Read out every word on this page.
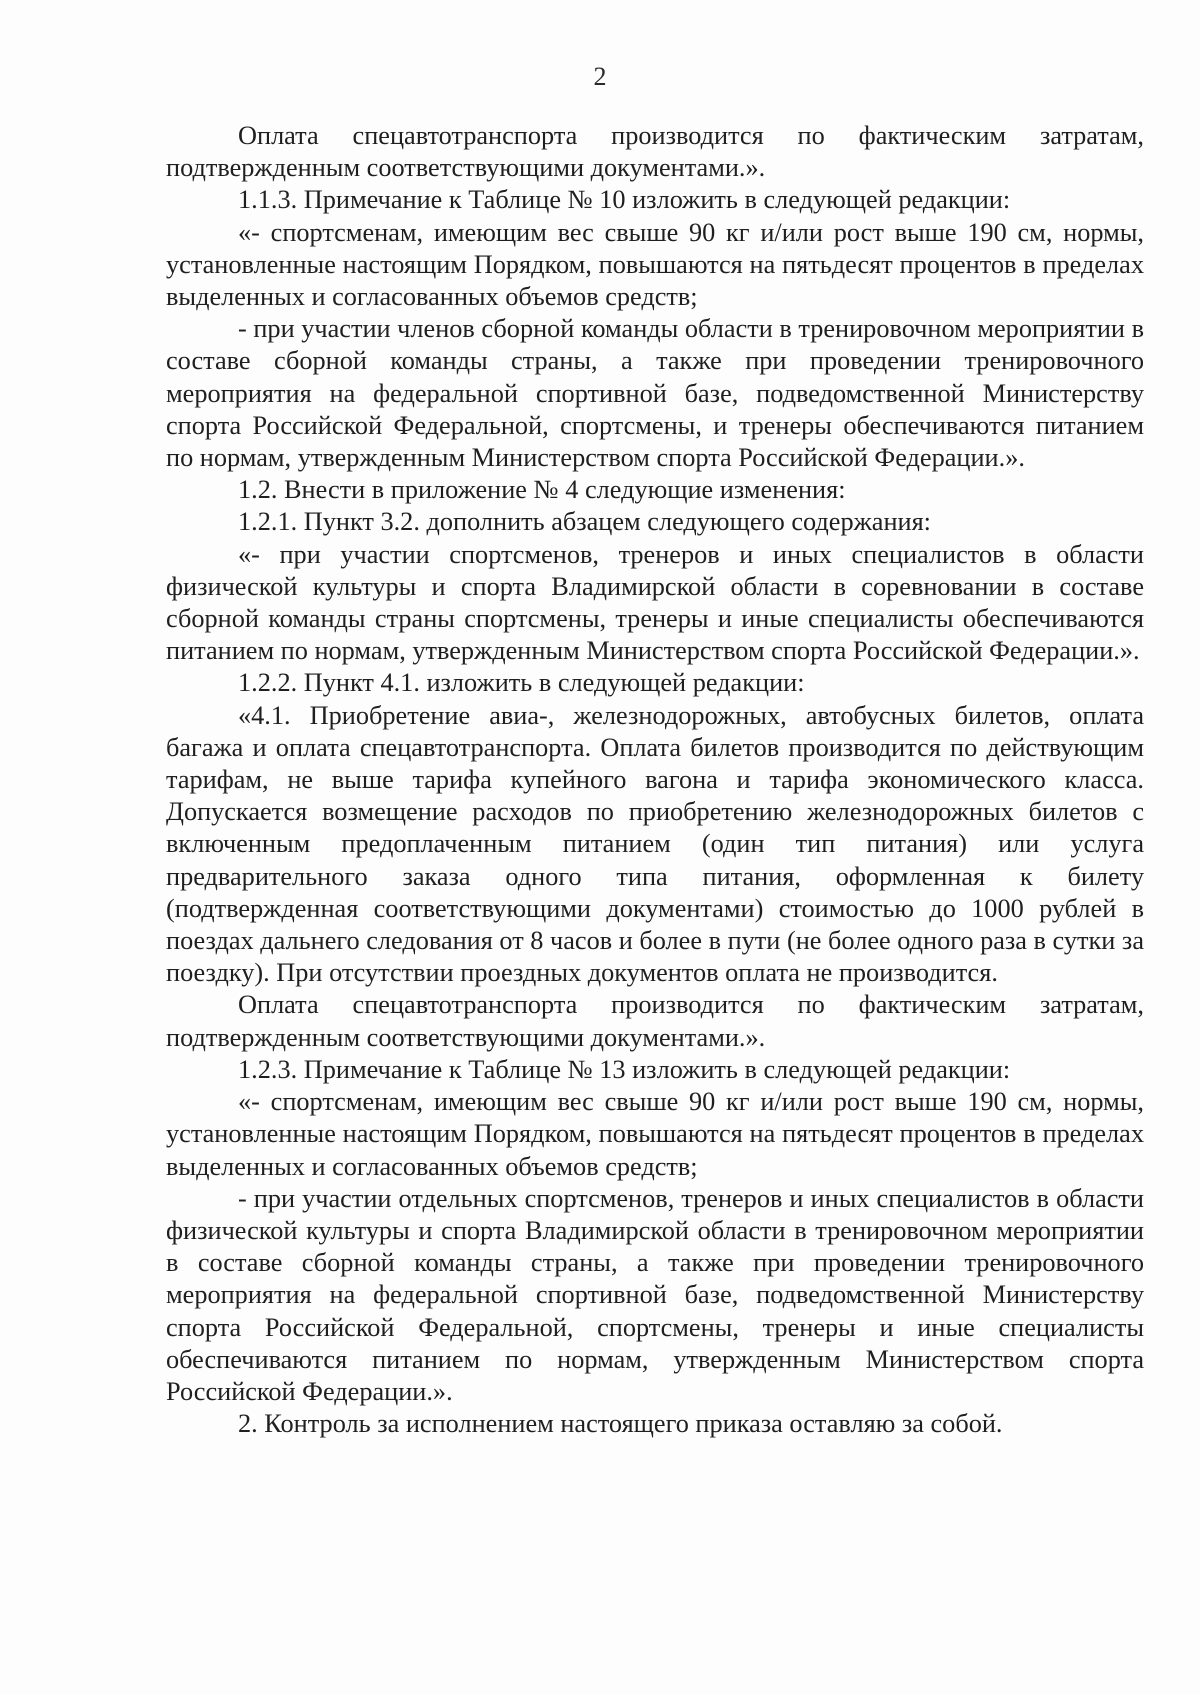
2

Оплата спецавтотранспорта производится по фактическим затратам, подтвержденным соответствующими документами.».

1.1.3. Примечание к Таблице № 10 изложить в следующей редакции:

«- спортсменам, имеющим вес свыше 90 кг и/или рост выше 190 см, нормы, установленные настоящим Порядком, повышаются на пятьдесят процентов в пределах выделенных и согласованных объемов средств;

- при участии членов сборной команды области в тренировочном мероприятии в составе сборной команды страны, а также при проведении тренировочного мероприятия на федеральной спортивной базе, подведомственной Министерству спорта Российской Федеральной, спортсмены, и тренеры обеспечиваются питанием по нормам, утвержденным Министерством спорта Российской Федерации.».

1.2. Внести в приложение № 4 следующие изменения:

1.2.1. Пункт 3.2. дополнить абзацем следующего содержания:

«- при участии спортсменов, тренеров и иных специалистов в области физической культуры и спорта Владимирской области в соревновании в составе сборной команды страны спортсмены, тренеры и иные специалисты обеспечиваются питанием по нормам, утвержденным Министерством спорта Российской Федерации.».

1.2.2. Пункт 4.1. изложить в следующей редакции:

«4.1. Приобретение авиа-, железнодорожных, автобусных билетов, оплата багажа и оплата спецавтотранспорта. Оплата билетов производится по действующим тарифам, не выше тарифа купейного вагона и тарифа экономического класса. Допускается возмещение расходов по приобретению железнодорожных билетов с включенным предоплаченным питанием (один тип питания) или услуга предварительного заказа одного типа питания, оформленная к билету (подтвержденная соответствующими документами) стоимостью до 1000 рублей в поездах дальнего следования от 8 часов и более в пути (не более одного раза в сутки за поездку). При отсутствии проездных документов оплата не производится.

Оплата спецавтотранспорта производится по фактическим затратам, подтвержденным соответствующими документами.».

1.2.3. Примечание к Таблице № 13 изложить в следующей редакции:

«- спортсменам, имеющим вес свыше 90 кг и/или рост выше 190 см, нормы, установленные настоящим Порядком, повышаются на пятьдесят процентов в пределах выделенных и согласованных объемов средств;

- при участии отдельных спортсменов, тренеров и иных специалистов в области физической культуры и спорта Владимирской области в тренировочном мероприятии в составе сборной команды страны, а также при проведении тренировочного мероприятия на федеральной спортивной базе, подведомственной Министерству спорта Российской Федеральной, спортсмены, тренеры и иные специалисты обеспечиваются питанием по нормам, утвержденным Министерством спорта Российской Федерации.».

2. Контроль за исполнением настоящего приказа оставляю за собой.
